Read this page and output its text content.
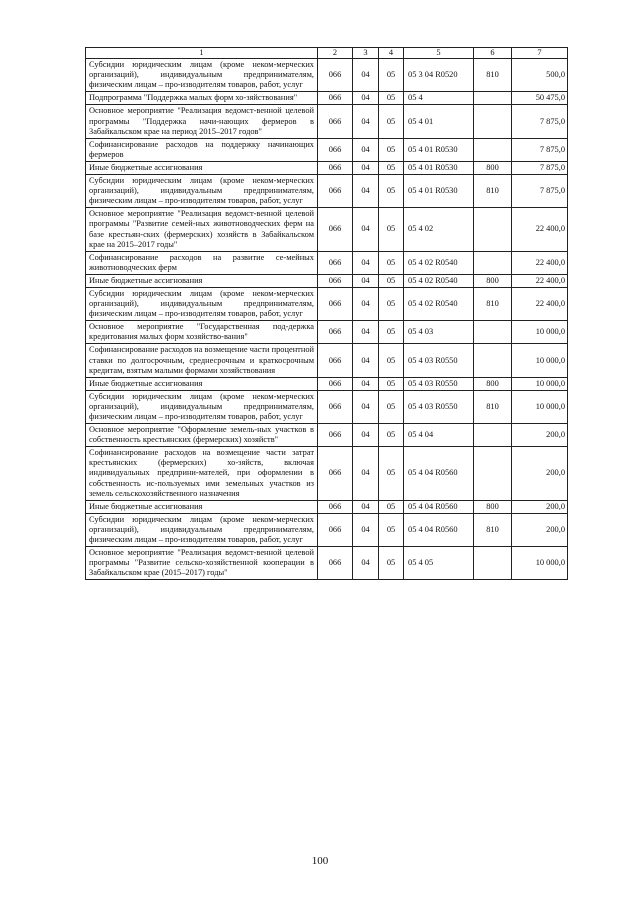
1	2	3	4	5	6	7
Субсидии юридическим лицам (кроме неком-мерческих организаций), индивидуальным предпринимателям, физическим лицам – про-изводителям товаров, работ, услуг	066	04	05	05 3 04 R0520	810	500,0
Подпрограмма "Поддержка малых форм хо-зяйствования"	066	04	05	05 4		50 475,0
Основное мероприятие "Реализация ведомст-венной целевой программы "Поддержка начи-нающих фермеров в Забайкальском крае на период 2015–2017 годов"	066	04	05	05 4 01		7 875,0
Софинансирование расходов на поддержку начинающих фермеров	066	04	05	05 4 01 R0530		7 875,0
Иные бюджетные ассигнования	066	04	05	05 4 01 R0530	800	7 875,0
Субсидии юридическим лицам (кроме неком-мерческих организаций), индивидуальным предпринимателям, физическим лицам – про-изводителям товаров, работ, услуг	066	04	05	05 4 01 R0530	810	7 875,0
Основное мероприятие "Реализация ведомст-венной целевой программы "Развитие семей-ных животноводческих ферм на базе крестьян-ских (фермерских) хозяйств в Забайкальском крае на 2015–2017 годы"	066	04	05	05 4 02		22 400,0
Софинансирование расходов на развитие се-мейных животноводческих ферм	066	04	05	05 4 02 R0540		22 400,0
Иные бюджетные ассигнования	066	04	05	05 4 02 R0540	800	22 400,0
Субсидии юридическим лицам (кроме неком-мерческих организаций), индивидуальным предпринимателям, физическим лицам – про-изводителям товаров, работ, услуг	066	04	05	05 4 02 R0540	810	22 400,0
Основное мероприятие "Государственная под-держка кредитования малых форм хозяйство-вания"	066	04	05	05 4 03		10 000,0
Софинансирование расходов на возмещение части процентной ставки по долгосрочным, среднесрочным и краткосрочным кредитам, взятым малыми формами хозяйствования	066	04	05	05 4 03 R0550		10 000,0
Иные бюджетные ассигнования	066	04	05	05 4 03 R0550	800	10 000,0
Субсидии юридическим лицам (кроме неком-мерческих организаций), индивидуальным предпринимателям, физическим лицам – про-изводителям товаров, работ, услуг	066	04	05	05 4 03 R0550	810	10 000,0
Основное мероприятие "Оформление земель-ных участков в собственность крестьянских (фермерских) хозяйств"	066	04	05	05 4 04		200,0
Софинансирование расходов на возмещение части затрат крестьянских (фермерских) хо-зяйств, включая индивидуальных предприни-мателей, при оформлении в собственность ис-пользуемых ими земельных участков из земель сельскохозяйственного назначения	066	04	05	05 4 04 R0560		200,0
Иные бюджетные ассигнования	066	04	05	05 4 04 R0560	800	200,0
Субсидии юридическим лицам (кроме неком-мерческих организаций), индивидуальным предпринимателям, физическим лицам – про-изводителям товаров, работ, услуг	066	04	05	05 4 04 R0560	810	200,0
Основное мероприятие "Реализация ведомст-венной целевой программы "Развитие сельско-хозяйственной кооперации в Забайкальском крае (2015–2017) годы"	066	04	05	05 4 05		10 000,0
100
